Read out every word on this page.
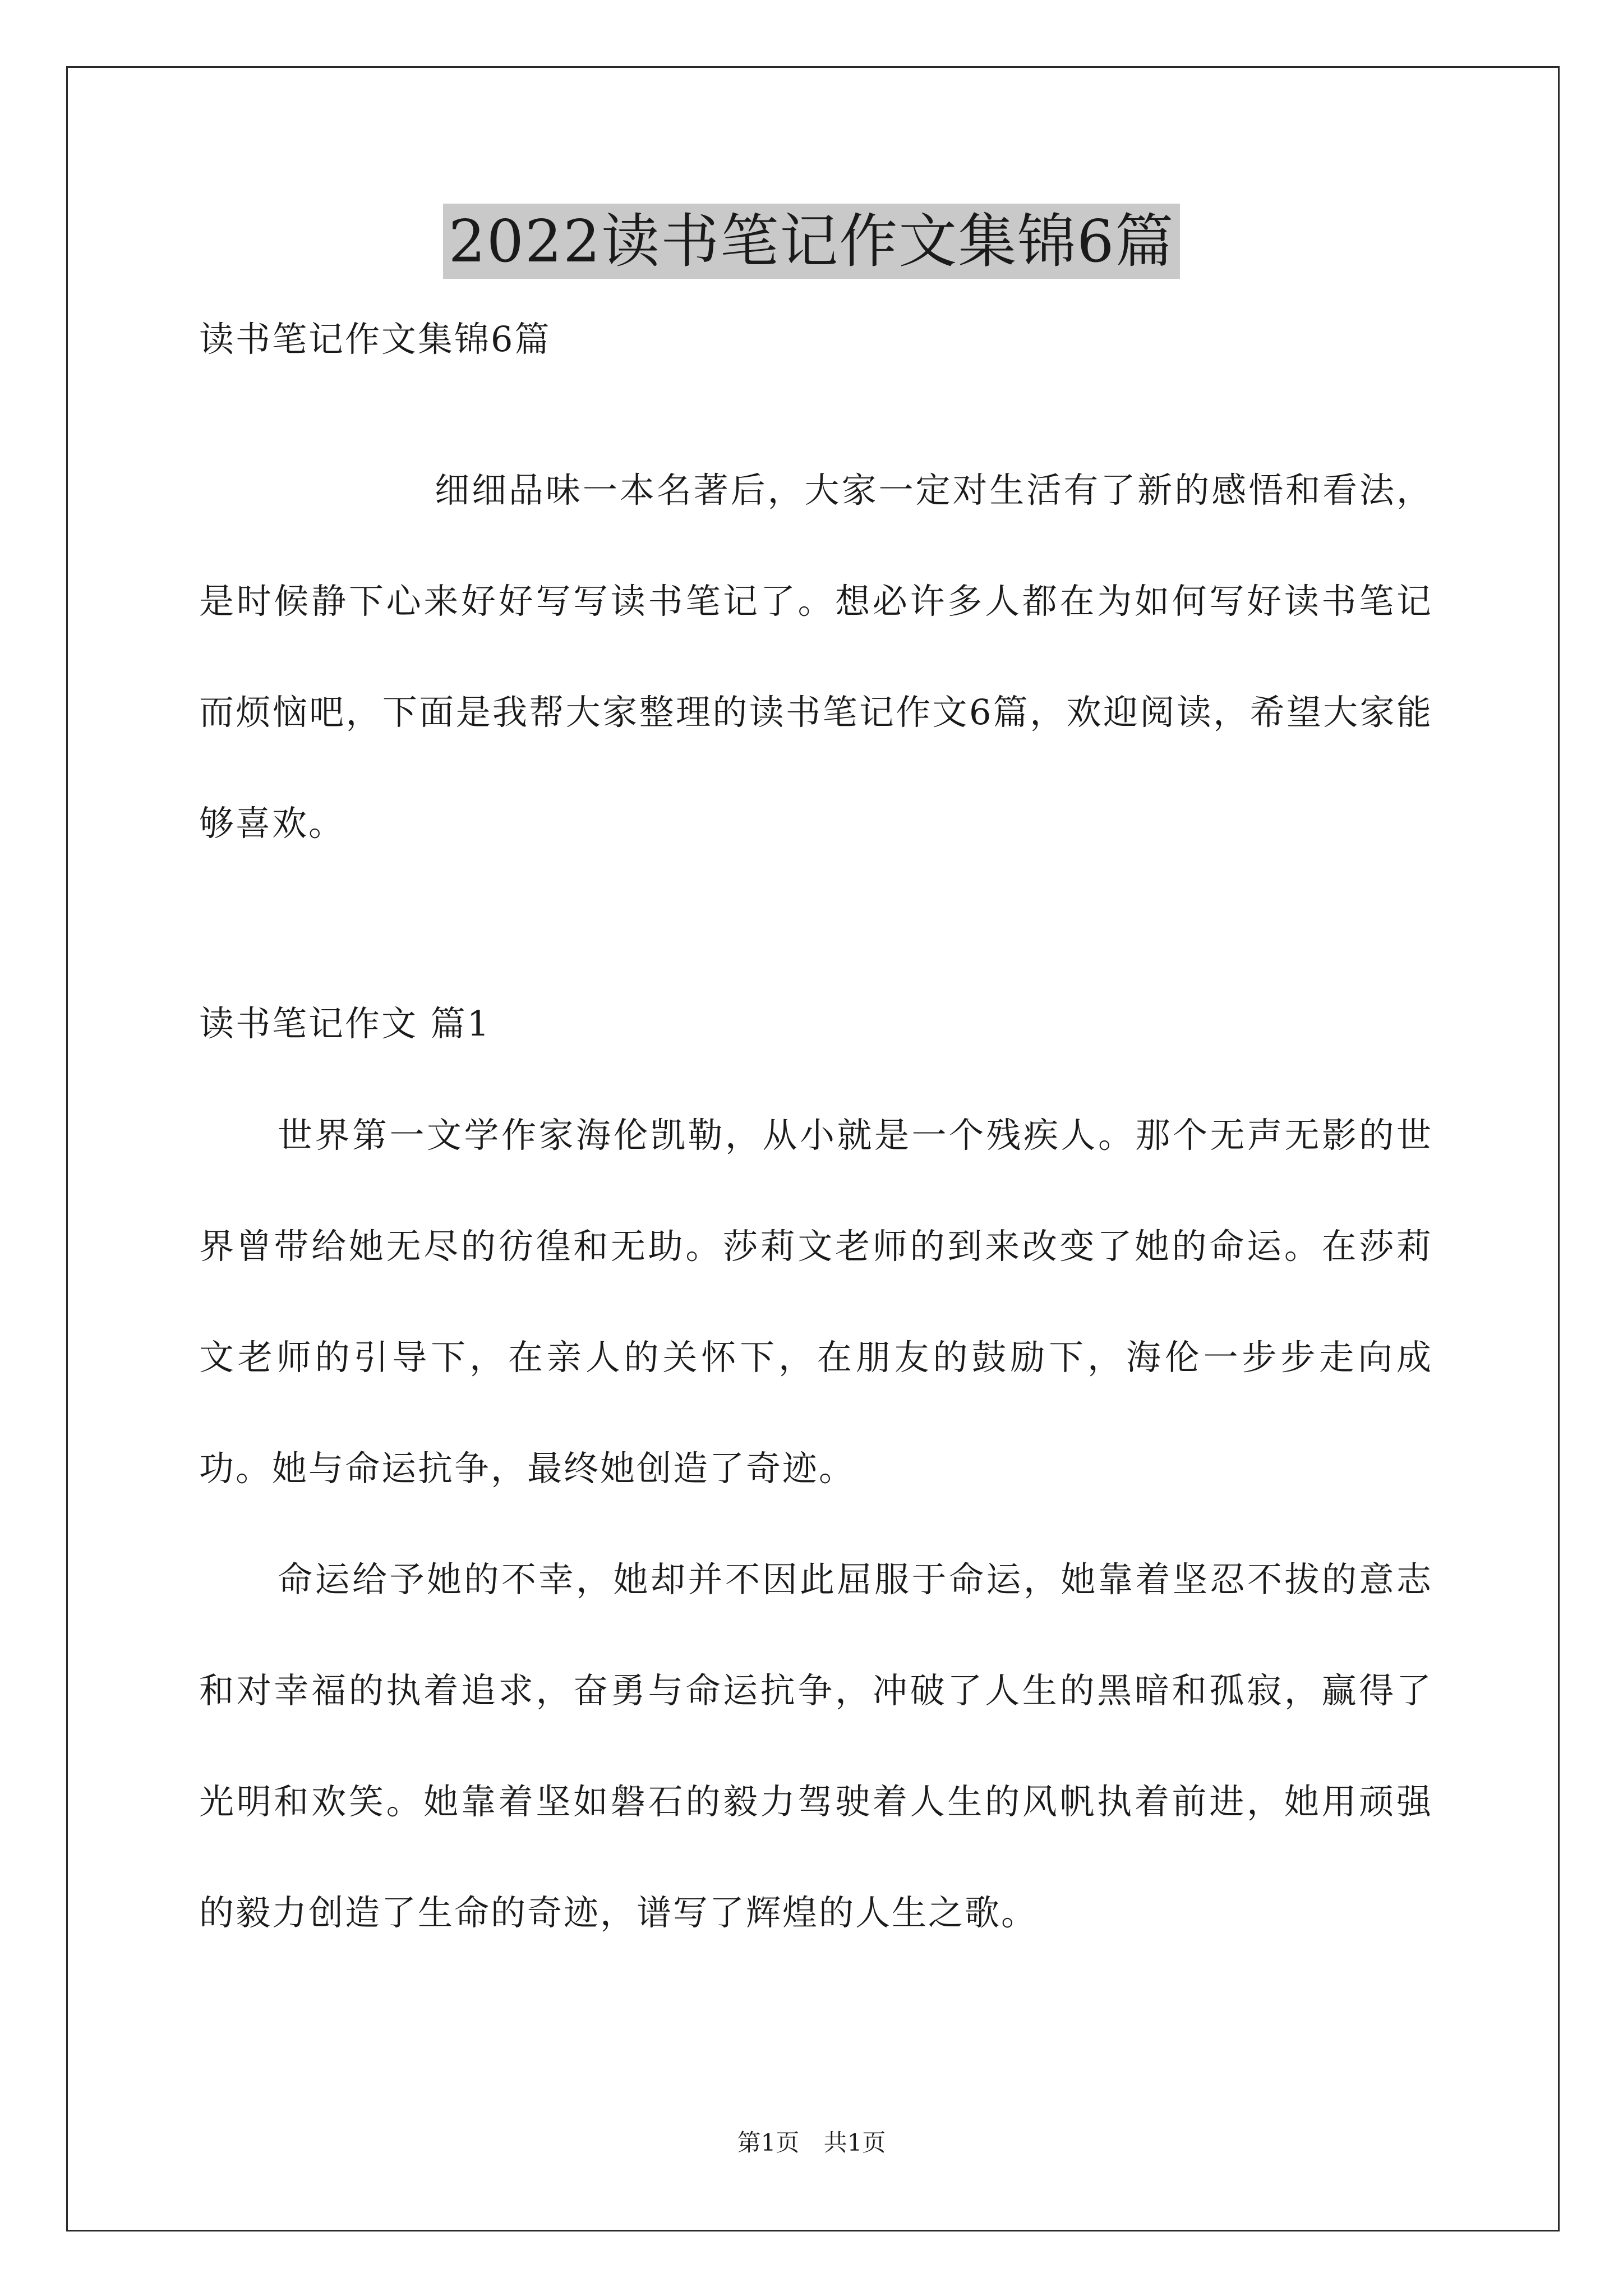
2022读书笔记作文集锦6篇
读书笔记作文集锦6篇

细细品味一本名著后，大家一定对生活有了新的感悟和看法，是时候静下心来好好写写读书笔记了。想必许多人都在为如何写好读书笔记而烦恼吧，下面是我帮大家整理的读书笔记作文6篇，欢迎阅读，希望大家能够喜欢。

读书笔记作文 篇1

世界第一文学作家海伦凯勒，从小就是一个残疾人。那个无声无影的世界曾带给她无尽的彷徨和无助。莎莉文老师的到来改变了她的命运。在莎莉文老师的引导下，在亲人的关怀下，在朋友的鼓励下，海伦一步步走向成功。她与命运抗争，最终她创造了奇迹。

命运给予她的不幸，她却并不因此屈服于命运，她靠着坚忍不拔的意志和对幸福的执着追求，奋勇与命运抗争，冲破了人生的黑暗和孤寂，赢得了光明和欢笑。她靠着坚如磐石的毅力驾驶着人生的风帆执着前进，她用顽强的毅力创造了生命的奇迹，谱写了辉煌的人生之歌。

第1页 共1页
